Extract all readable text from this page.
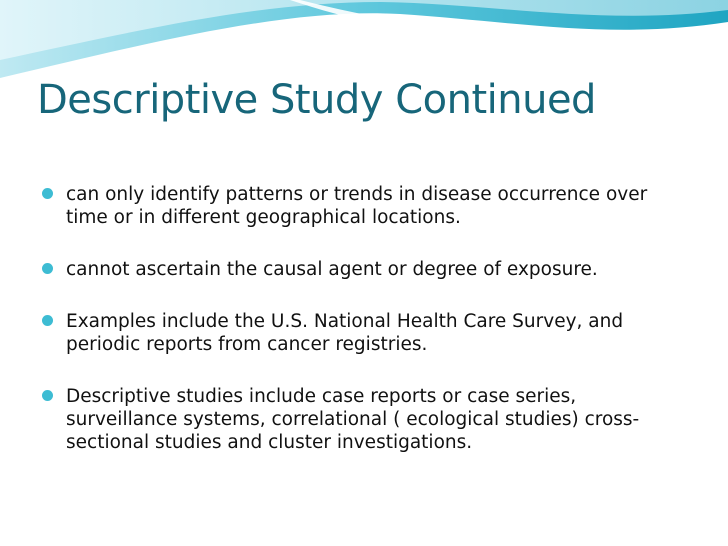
Descriptive Study Continued
can only identify patterns or trends in disease occurrence over time or in different geographical locations.
cannot ascertain the causal agent or degree of exposure.
Examples include the U.S. National Health Care Survey, and periodic reports from cancer registries.
Descriptive studies include case reports or case series, surveillance systems, correlational ( ecological studies) cross-sectional studies and cluster investigations.
